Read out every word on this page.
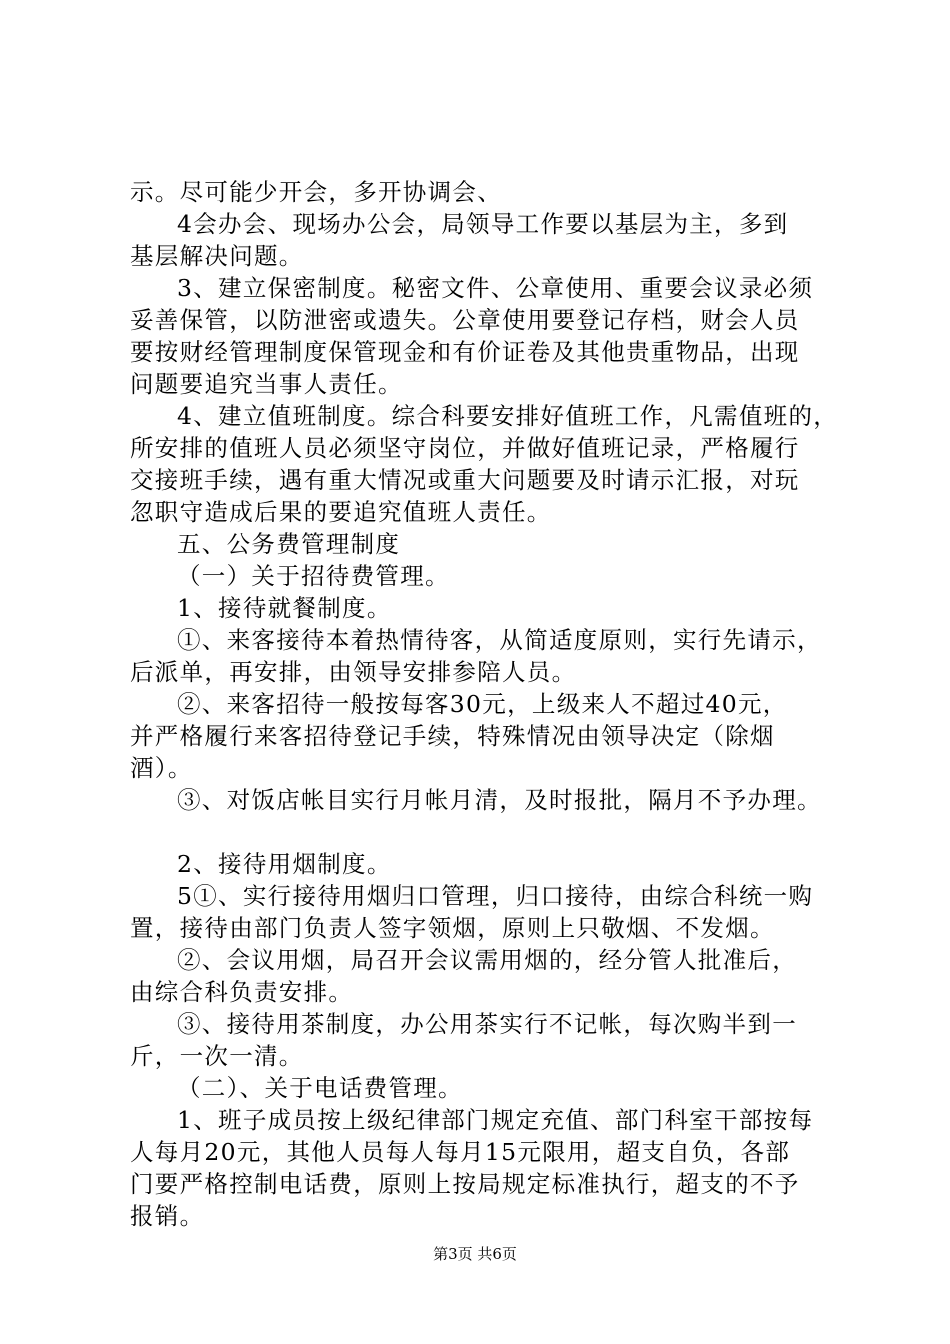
示。尽可能少开会，多开协调会、
4会办会、现场办公会，局领导工作要以基层为主，多到
基层解决问题。
3、建立保密制度。秘密文件、公章使用、重要会议录必须
妥善保管，以防泄密或遗失。公章使用要登记存档，财会人员
要按财经管理制度保管现金和有价证卷及其他贵重物品，出现
问题要追究当事人责任。
4、建立值班制度。综合科要安排好值班工作，凡需值班的，
所安排的值班人员必须坚守岗位，并做好值班记录，严格履行
交接班手续，遇有重大情况或重大问题要及时请示汇报，对玩
忽职守造成后果的要追究值班人责任。
五、公务费管理制度
（一）关于招待费管理。
1、接待就餐制度。
①、来客接待本着热情待客，从简适度原则，实行先请示，
后派单，再安排，由领导安排参陪人员。
②、来客招待一般按每客30元，上级来人不超过40元，
并严格履行来客招待登记手续，特殊情况由领导决定（除烟
酒）。
③、对饭店帐目实行月帐月清，及时报批，隔月不予办理。
2、接待用烟制度。
5①、实行接待用烟归口管理，归口接待，由综合科统一购
置，接待由部门负责人签字领烟，原则上只敬烟、不发烟。
②、会议用烟，局召开会议需用烟的，经分管人批准后，
由综合科负责安排。
③、接待用茶制度，办公用茶实行不记帐，每次购半到一
斤，一次一清。
（二）、关于电话费管理。
1、班子成员按上级纪律部门规定充值、部门科室干部按每
人每月20元，其他人员每人每月15元限用，超支自负，各部
门要严格控制电话费，原则上按局规定标准执行，超支的不予
报销。
第3页 共6页
